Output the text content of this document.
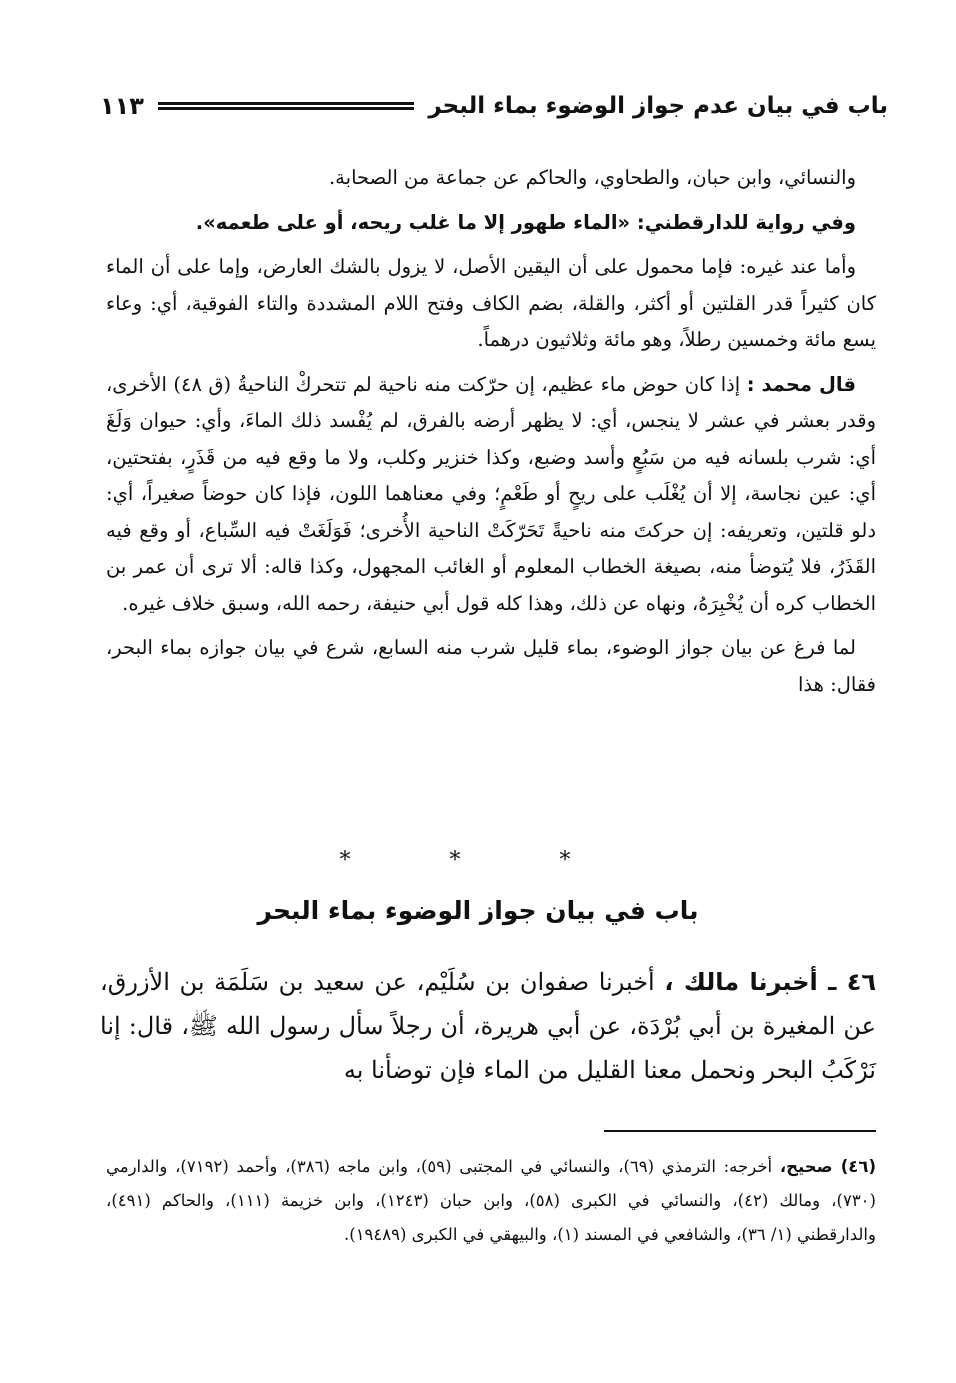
باب في بيان عدم جواز الوضوء بماء البحر
١١٣

والنسائي، وابن حبان، والطحاوي، والحاكم عن جماعة من الصحابة.

وفي رواية للدارقطني: «الماء طهور إلا ما غلب ريحه، أو على طعمه».

وأما عند غيره: فإما محمول على أن اليقين الأصل، لا يزول بالشك العارض، وإما على أن الماء كان كثيراً قدر القلتين أو أكثر، والقلة، بضم الكاف وفتح اللام المشددة والتاء الفوقية، أي: وعاء يسع مائة وخمسين رطلاً، وهو مائة وثلاثيون درهماً.

قال محمد : إذا كان حوض ماء عظيم، إن حرّكت منه ناحية لم تتحركْ الناحيةُ (ق ٤٨) الأخرى، وقدر بعشر في عشر لا ينجس، أي: لا يظهر أرضه بالفرق، لم يُفْسد ذلك الماءَ، وأي: حيوان وَلَغَ أي: شرب بلسانه فيه من سَبُعٍ وأسد وضبع، وكذا خنزير وكلب، ولا ما وقع فيه من قَذَرٍ، بفتحتين، أي: عين نجاسة، إلا أن يُغْلَب على ريحٍ أو طَعْمٍ؛ وفي معناهما اللون، فإذا كان حوضاً صغيراً، أي: دلو قلتين، وتعريفه: إن حركتَ منه ناحيةً تَحَرّكَتْ الناحية الأُخرى؛ فَوَلَغَتْ فيه السِّباع، أو وقع فيه القَذَرُ، فلا يُتوضأ منه، بصيغة الخطاب المعلوم أو الغائب المجهول، وكذا قاله: ألا ترى أن عمر بن الخطاب كره أن يُخْبِرَهُ، ونهاه عن ذلك، وهذا كله قول أبي حنيفة، رحمه الله، وسبق خلاف غيره.

لما فرغ عن بيان جواز الوضوء، بماء قليل شرب منه السابع، شرع في بيان جوازه بماء البحر، فقال: هذا

* * *
باب في بيان جواز الوضوء بماء البحر
٤٦ ـ أخبرنا مالك ، أخبرنا صفوان بن سُلَيْم، عن سعيد بن سَلَمَة بن الأزرق، عن المغيرة بن أبي بُرْدَة، عن أبي هريرة، أن رجلاً سأل رسول الله ﷺ، قال: إنا نَرْكَبُ البحر ونحمل معنا القليل من الماء فإن توضأنا به
(٤٦) صحيح، أخرجه: الترمذي (٦٩)، والنسائي في المجتبى (٥٩)، وابن ماجه (٣٨٦)، وأحمد (٧١٩٢)، والدارمي (٧٣٠)، ومالك (٤٢)، والنسائي في الكبرى (٥٨)، وابن حبان (١٢٤٣)، وابن خزيمة (١١١)، والحاكم (٤٩١)، والدارقطني (١/ ٣٦)، والشافعي في المسند (١)، والبيهقي في الكبرى (١٩٤٨٩).
